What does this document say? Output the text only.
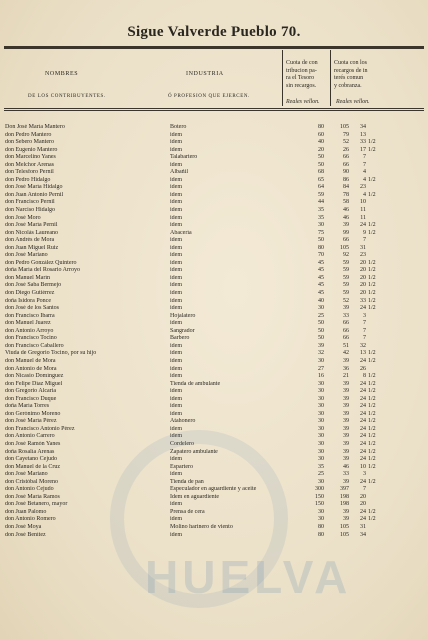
Sigue Valverde Pueblo 70.
NOMBRES
DE LOS CONTRIBUYENTES.
INDUSTRIA
Ó PROFESION QUE EJERCEN.
Cuota de con
tribucion pa-
ra el Tesoro
sin recargos.
Reales vellon.
Cuota con los
recargos de in
terés comun
y cobranza.
Reales vellon.
Don José María Mantero	Botero	80	105	34
don Pedro Mantero	idem	60	79	13
don Sebero Mantero	idem	40	52	33 1/2
don Eugenio Mantero	idem	20	26	17 1/2
don Marcelino Yanes	Talabartero	50	66	7
don Melchor Arenas	idem	50	66	7
don Telesforo Pernil	Albañil	68	90	4
don Pedro Hidalgo	idem	65	86	4 1/2
don José María Hidalgo	idem	64	84	23
don Juan Antonio Pernil	idem	59	78	4 1/2
don Francisco Pernil	idem	44	58	10
don Narciso Hidalgo	idem	35	46	11
don José Moro	idem	35	46	11
don José María Pernil	idem	30	39	24 1/2
don Nicolás Laureano	Abacería	75	99	9 1/2
don Andrés de Mora	idem	50	66	7
don Juan Miguel Ruiz	idem	80	105	31
don José Mariano	idem	70	92	23
don Pedro González Quintero	idem	45	59	20 1/2
doña María del Rosario Arroyo	idem	45	59	20 1/2
don Manuel Marín	idem	45	59	20 1/2
don José Saba Bermejo	idem	45	59	20 1/2
don Diego Gutiérrez	idem	45	59	20 1/2
doña Isidora Ponce	idem	40	52	33 1/2
don José de los Santos	idem	30	39	24 1/2
don Francisco Ibarra	Hojalatero	25	33	3
don Manuel Juarez	idem	50	66	7
don Antonio Arroyo	Sangrador	50	66	7
don Francisco Tocino	Barbero	50	66	7
don Francisco Caballero	idem	39	51	32
Viuda de Gregorio Tocino, por su hijo	idem	32	42	13 1/2
don Manuel de Mora	idem	30	39	24 1/2
don Antonio de Mora	idem	27	36	26
don Nicasio Domínguez	idem	16	21	8 1/2
don Felipe Díaz Miguel	Tienda de ambulante	30	39	24 1/2
don Gregorio Alcaria	idem	30	39	24 1/2
don Francisco Duque	idem	30	39	24 1/2
doña María Torres	idem	30	39	24 1/2
don Gerónimo Moreno	idem	30	39	24 1/2
don José María Pérez	Atahonero	30	39	24 1/2
don Francisco Antonio Pérez	idem	30	39	24 1/2
don Antonio Carrero	idem	30	39	24 1/2
don José Ramón Yanes	Cordelero	30	39	24 1/2
doña Rosalía Arenas	Zapatero ambulante	30	39	24 1/2
don Cayetano Cejudo	idem	30	39	24 1/2
don Manuel de la Cruz	Espartero	35	46	10 1/2
don José Mariano	idem	25	33	3
don Cristóbal Moreno	Tienda de pan	30	39	24 1/2
don Antonio Cejudo	Especulador en aguardiente y aceite	300	397	7
don José María Ramos	Idem en aguardiente	150	198	20
don José Betanero, mayor	idem	150	198	20
don Juan Palomo	Prensa de cera	30	39	24 1/2
don Antonio Romero	idem	30	39	24 1/2
don José Moya	Molino harinero de viento	80	105	31
don José Benítez	idem	80	105	34
HUELVA
